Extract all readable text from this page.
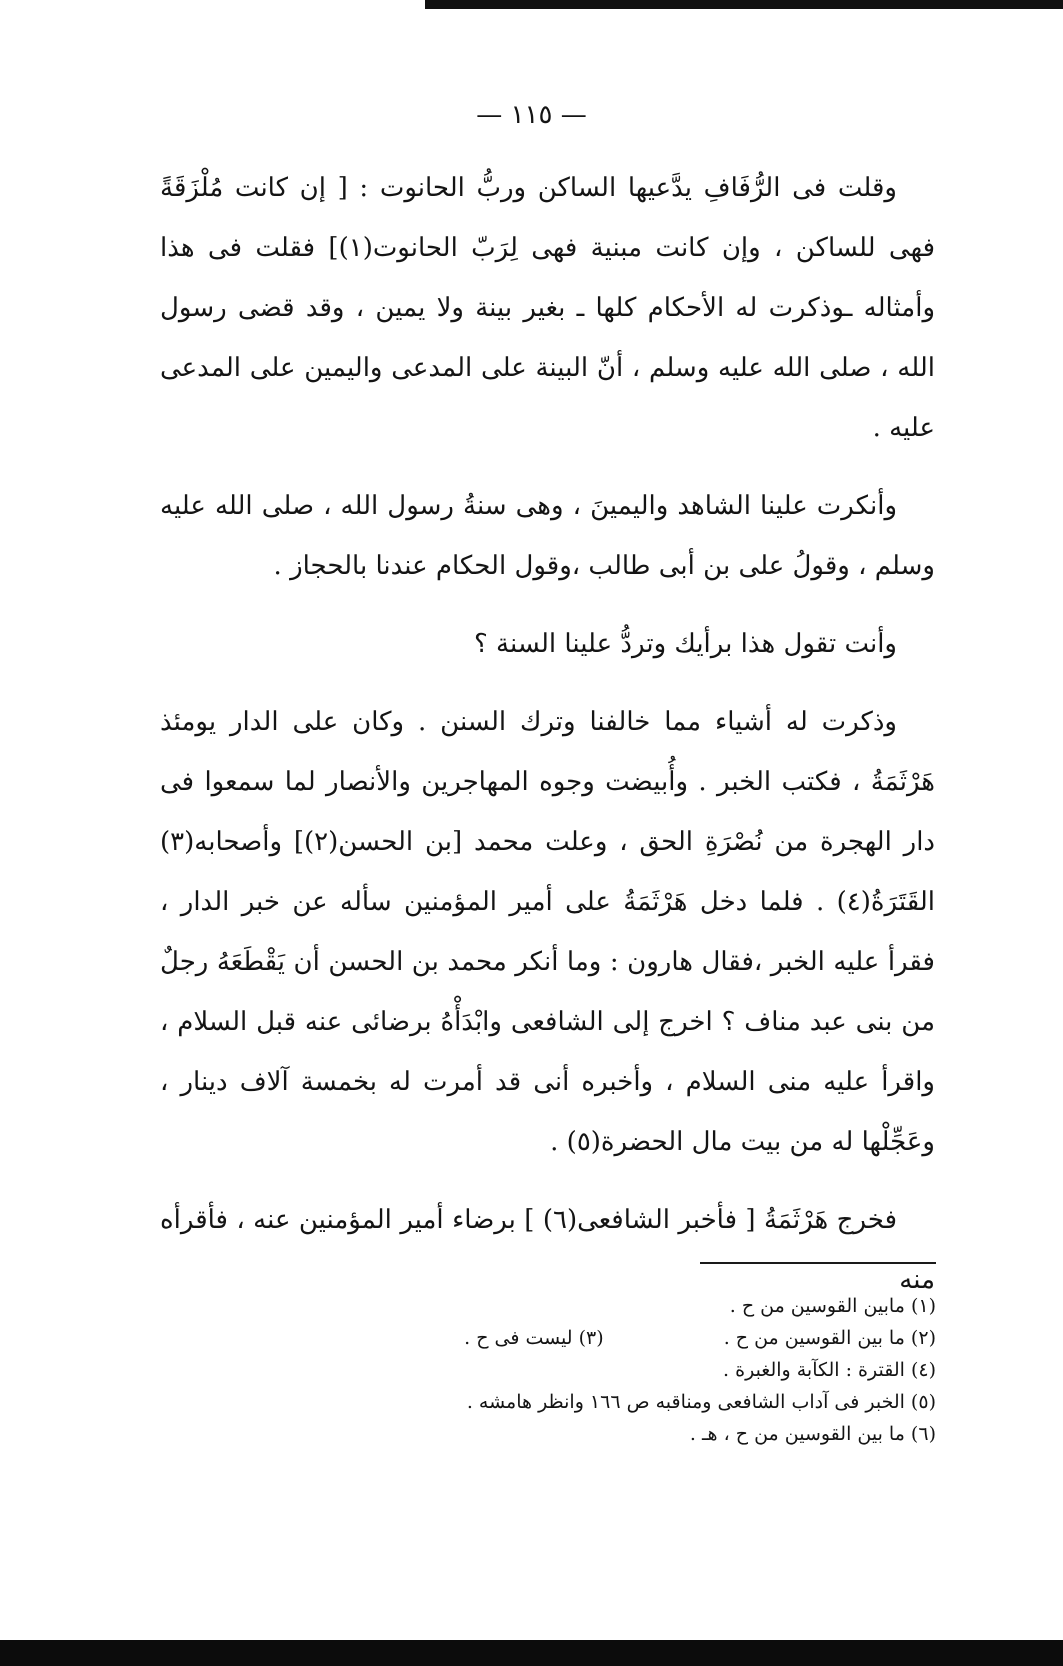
— ١١٥ —

وقلت فى الرُّفَافِ يدَّعيها الساكن وربُّ الحانوت : [ إن كانت مُلْزَقَةً فهى للساكن ، وإن كانت مبنية فهى لِرَبّ الحانوت(١)] فقلت فى هذا وأمثاله ـوذكرت له الأحكام كلها ـ بغير بينة ولا يمين ، وقد قضى رسول الله ، صلى الله عليه وسلم ، أنّ البينة على المدعى واليمين على المدعى عليه .

وأنكرت علينا الشاهد واليمينَ ، وهى سنةُ رسول الله ، صلى الله عليه وسلم ، وقولُ على بن أبى طالب ،وقول الحكام عندنا بالحجاز .

وأنت تقول هذا برأيك وتردُّ علينا السنة ؟

وذكرت له أشياء مما خالفنا وترك السنن . وكان على الدار يومئذ هَرْثَمَةُ ، فكتب الخبر . وأُبيضت وجوه المهاجرين والأنصار لما سمعوا فى دار الهجرة من نُصْرَةِ الحق ، وعلت محمد [بن الحسن(٢)] وأصحابه(٣) القَتَرَةُ(٤) . فلما دخل هَرْثَمَةُ على أمير المؤمنين سأله عن خبر الدار ، فقرأ عليه الخبر ،فقال هارون : وما أنكر محمد بن الحسن أن يَقْطَعَهُ رجلٌ من بنى عبد مناف ؟ اخرج إلى الشافعى وابْدَأْهُ برضائى عنه قبل السلام ، واقرأ عليه منى السلام ، وأخبره أنى قد أمرت له بخمسة آلاف دينار ، وعَجِّلْها له من بيت مال الحضرة(٥) .

فخرج هَرْثَمَةُ [ فأخبر الشافعى(٦) ] برضاء أمير المؤمنين عنه ، فأقرأه منه

(١) مابين القوسين من ح .
(٢) ما بين القوسين من ح .
(٣) ليست فى ح .
(٤) القترة : الكآبة والغبرة .
(٥) الخبر فى آداب الشافعى ومناقبه ص ١٦٦ وانظر هامشه .
(٦) ما بين القوسين من ح ، هـ .
